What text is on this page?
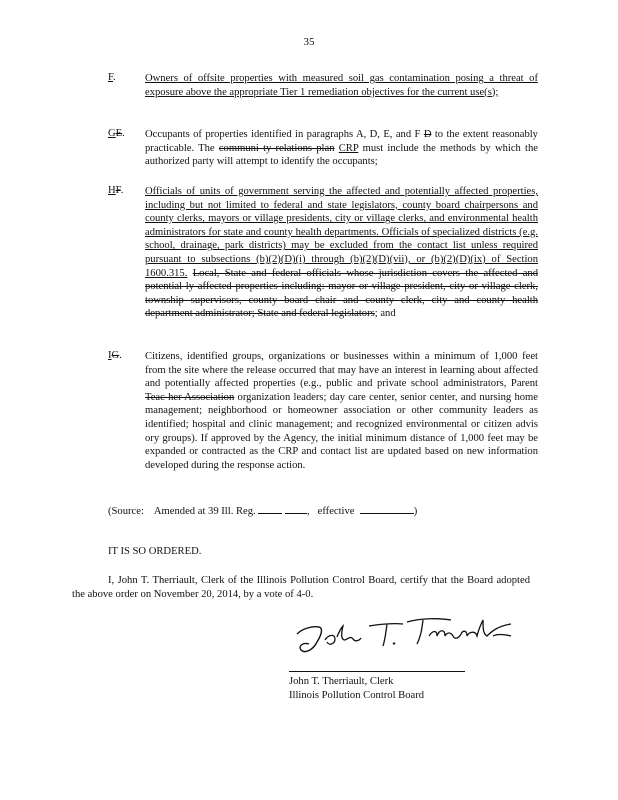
35
F.	Owners of offsite properties with measured soil gas contamination posing a threat of exposure above the appropriate Tier 1 remediation objectives for the current use(s);
GE. Occupants of properties identified in paragraphs A, D, E, and F D to the extent reasonably practicable. The communi ty relations plan CRP must include the methods by which the authorized party will attempt to identify the occupants;
HF. Officials of units of government serving the affected and potentially affected properties, including but not limited to federal and state legislators, county board chairpersons and county clerks, mayors or village presidents, city or village clerks, and environmental health administrators for state and county health departments. Officials of specialized districts (e.g. school, drainage, park districts) may be excluded from the contact list unless required pursuant to subsections (b)(2)(D)(i) through (b)(2)(D)(vii), or (b)(2)(D)(ix) of Section 1600.315. Local, State and federal officials whose jurisdiction covers the affected and potential ly affected properties including: mayor or village president, city or village clerk, township supervisors, county board chair and county clerk, city and county health department administrator; State and federal legislators; and
IG. Citizens, identified groups, organizations or businesses within a minimum of 1,000 feet from the site where the release occurred that may have an interest in learning about affected and potentially affected properties (e.g., public and private school administrators, Parent Teac her Association organization leaders; day care center, senior center, and nursing home management; neighborhood or homeowner association or other community leaders as identified; hospital and clinic management; and recognized environmental or citizen advis ory groups). If approved by the Agency, the initial minimum distance of 1,000 feet may be expanded or contracted as the CRP and contact list are updated based on new information developed during the response action.
(Source: Amended at 39 Ill. Reg.	, effective	)
IT IS SO ORDERED.
I, John T. Therriault, Clerk of the Illinois Pollution Control Board, certify that the Board adopted the above order on November 20, 2014, by a vote of 4-0.
John T. Therriault, Clerk
Illinois Pollution Control Board
